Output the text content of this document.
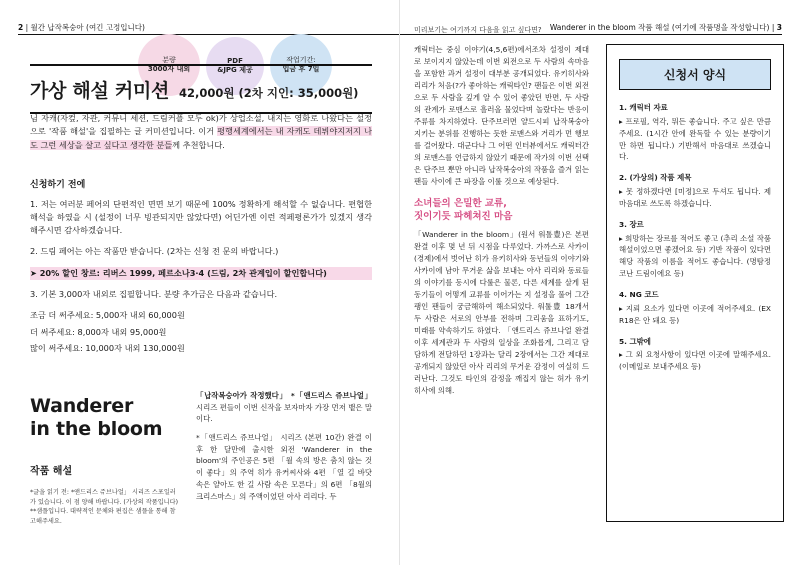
2 | 월간 납작복숭아 (여긴 고정입니다)	Wanderer in the bloom 작품 해설 (여기에 작품명을 작성합니다) | 3
분량
3000자 내외
PDF
&JPG 제공
작업기간:
입금 후 7일
가상 해설 커미션 42,000원 (2차 지인: 35,000원)
님 자캐(자컾, 자관, 커뮤니 세션, 드림커플 모두 ok)가 상업소설, 내지는 영화로 나왔다는 설정으로 '작품 해설'을 집필하는 글 커미션입니다. 이거 평행세계에서는 내 자캐도 데뷔야지저지 나도 그런 세상을 살고 싶다고 생각한 분들께 추천합니다.
신청하기 전에

1. 저는 여러분 페어의 단편적인 면면 보기 때문에 100% 정확하게 해석할 수 없습니다. 편협한 해석을 하였을 시 (설정이 너무 빙관되지만 않았다면) 어딘가엔 이런 적페평론가가 있겠지 생각해주시면 감사하겠습니다.

2. 드림 페어는 아는 작품만 받습니다. (2차는 신청 전 문의 바랍니다.)

➤ 20% 할인 창르: 리버스 1999, 페르소나3·4 (드림, 2차 관계입이 할인합니다)

3. 기본 3,000자 내외로 집필합니다. 분량 추가금은 다음과 같습니다.

조금 더 써주세요: 5,000자 내외 60,000원
더 써주세요: 8,000자 내외 95,000원
많이 써주세요: 10,000자 내외 130,000원
Wanderer
in the bloom
작품 해설
*글을 읽기 전: *앤드리스 쥬브나얼」 시리즈 스포일러가 있습니다. 이 점 양해 바랍니다. (가상의 작품입니다) **샘플입니다. 대략적인 문체와 편집은 샘플을 통해 참고해주세요.

「납작복숭아가 작정했다」 *「앤드리스 쥬브나얼」 시리즈 편들이 이번 신작을 보자마자 가장 먼저 뱉은 말이다.

*「앤드리스 쥬브나얼」 시리즈 (본편 10간) 완결 이후 한 달만에 출시한 외전 'Wanderer in the bloom'의 주인공은 5편 「월 속의 방은 춤치 않는 것이 좋다」의 주역 히가 유커씨사와 4편 「열 길 바닷 속은 얄아도 한 길 사람 속은 모른다」의 6편 「8월의 크리스마스」의 주액이었던 아사 리리다. 두

미리보기는 여기까지 다음을 읽고 싶다면?

캐릭터는 중심 이야기(4,5,6편)에서조차 설정이 제대로 보이지지 않았는데 이번 외전으로 두 사람의 속마음을 포함한 과거 설정이 대부분 공개되었다. 유키히사와 리리가 처음(?가 좋아하는 캐릭타인? 팬들은 이번 외전으로 두 사람을 깊게 알 수 있어 좋았던 반면, 두 사람의 관계가 로맨스로 흘러올 물었다며 놀랐다는 반응이 주류를 차지하였다. 단주브러면 얄드시피 납작복숭아 지키는 분위를 진행하는 듯한 로맨스와 거리가 먼 행보를 걸어왔다. 대군다나 그 어떤 인터뷰에서도 캐릭터간의 로맨스를 언급하지 않았기 때문에 작가의 이번 선택은 단주브 뿐만 아니라 납작복숭아의 작품을 즐겨 읽는 팬들 사이에 큰 파장을 이룰 것으로 예상된다.

소녀들의 은밀한 교류,
짓이기듯 파헤쳐진 마음

「Wanderer in the bloom」(원서 워톨豊)은 본편 완결 이후 몇 년 뒤 시점을 다루었다. 가까스로 사카이(경제)에서 벗어난 히가 유키히사와 동년들의 이야기와 사카이에 남아 무거운 삶을 보내는 아사 리리와 동료들의 이야기를 동시에 다룰은 물론, 다른 세계를 살게 된 동기들이 어떻게 교류를 이어가는 지 설정을 풀어 그간 팽인 팬들이 궁금해하여 해소되었다. 워툴豊 18개서 두 사람은 서로의 안부를 전하며 그리움을 표하기도, 미래를 약속하기도 하였다. 「앤드리스 쥬브나얼 완결 이후 세계관과 두 사람의 일상을 조화롭게, 그리고 담담하게 전달하던 1장과는 달리 2장에서는 그간 제대로 공개되지 않았던 아사 리리의 무거운 감정이 여실히 드러난다. 그것도 타인의 감정을 깨집지 않는 허가 유키히사에 의해.

신청서 양식
1. 캐릭터 자료
▸ 프로필, 역각, 뭐든 좋습니다. 주고 싶은 만큼 주세요. (1시간 안에 완독할 수 있는 분량이기만 하면 됩니다.) 기반해서 마음대로 쓰겠습니다.
2. (가상의) 작품 제목
▸ 못 정하겠다면 [미정]으로 두셔도 됩니다. 제 마음대로 쓰도록 하겠습니다.
3. 장르
▸ 희망하는 장르를 적어도 좋고 (추리 소설 작품 해설이었으면 좋겠어요 등) 기반 작품이 있다면 해당 작품의 이름을 적어도 좋습니다. (명탐정 코난 드림이에요 등)
4. NG 코드
▸ 지뢰 요소가 있다면 이곳에 적어주세요. (EX R18은 안 돼요 등)
5. 그밖에
▸ 그 외 요청사항이 있다면 이곳에 말해주세요. (이메일로 보내주세요 등)
